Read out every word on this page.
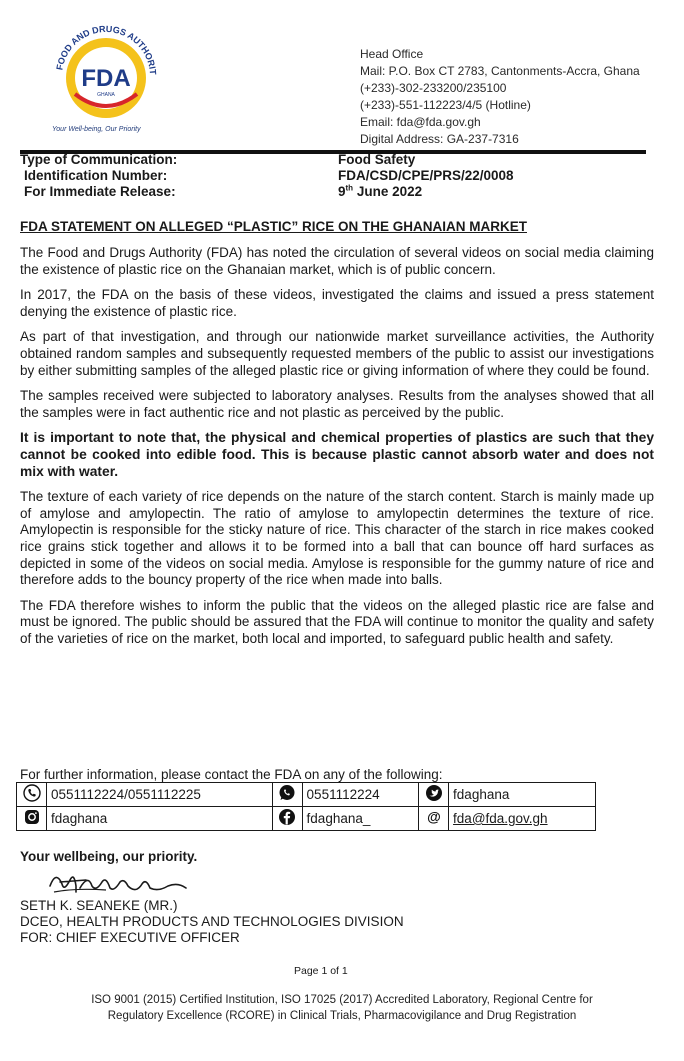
FOOD AND DRUGS AUTHORIT
FDA
GHANA
Your Well-being, Our Priority
Head Office
Mail: P.O. Box CT 2783, Cantonments-Accra, Ghana
(+233)-302-233200/235100
(+233)-551-112223/4/5 (Hotline)
Email: fda@fda.gov.gh
Digital Address: GA-237-7316
Type of Communication:	Food Safety
Identification Number:	FDA/CSD/CPE/PRS/22/0008
For Immediate Release:	9th June 2022
FDA STATEMENT ON ALLEGED “PLASTIC” RICE ON THE GHANAIAN MARKET

The Food and Drugs Authority (FDA) has noted the circulation of several videos on social media claiming the existence of plastic rice on the Ghanaian market, which is of public concern.

In 2017, the FDA on the basis of these videos, investigated the claims and issued a press statement denying the existence of plastic rice.

As part of that investigation, and through our nationwide market surveillance activities, the Authority obtained random samples and subsequently requested members of the public to assist our investigations by either submitting samples of the alleged plastic rice or giving information of where they could be found.

The samples received were subjected to laboratory analyses. Results from the analyses showed that all the samples were in fact authentic rice and not plastic as perceived by the public.

It is important to note that, the physical and chemical properties of plastics are such that they cannot be cooked into edible food. This is because plastic cannot absorb water and does not mix with water.

The texture of each variety of rice depends on the nature of the starch content. Starch is mainly made up of amylose and amylopectin. The ratio of amylose to amylopectin determines the texture of rice. Amylopectin is responsible for the sticky nature of rice. This character of the starch in rice makes cooked rice grains stick together and allows it to be formed into a ball that can bounce off hard surfaces as depicted in some of the videos on social media. Amylose is responsible for the gummy nature of rice and therefore adds to the bouncy property of the rice when made into balls.

The FDA therefore wishes to inform the public that the videos on the alleged plastic rice are false and must be ignored. The public should be assured that the FDA will continue to monitor the quality and safety of the varieties of rice on the market, both local and imported, to safeguard public health and safety.

For further information, please contact the FDA on any of the following:
	0551112224/0551112225		0551112224		fdaghana
	fdaghana		fdaghana_	@	fda@fda.gov.gh
Your wellbeing, our priority.
SETH K. SEANEKE (MR.)
DCEO, HEALTH PRODUCTS AND TECHNOLOGIES DIVISION
FOR: CHIEF EXECUTIVE OFFICER
Page 1 of 1
ISO 9001 (2015) Certified Institution, ISO 17025 (2017) Accredited Laboratory, Regional Centre for
Regulatory Excellence (RCORE) in Clinical Trials, Pharmacovigilance and Drug Registration
